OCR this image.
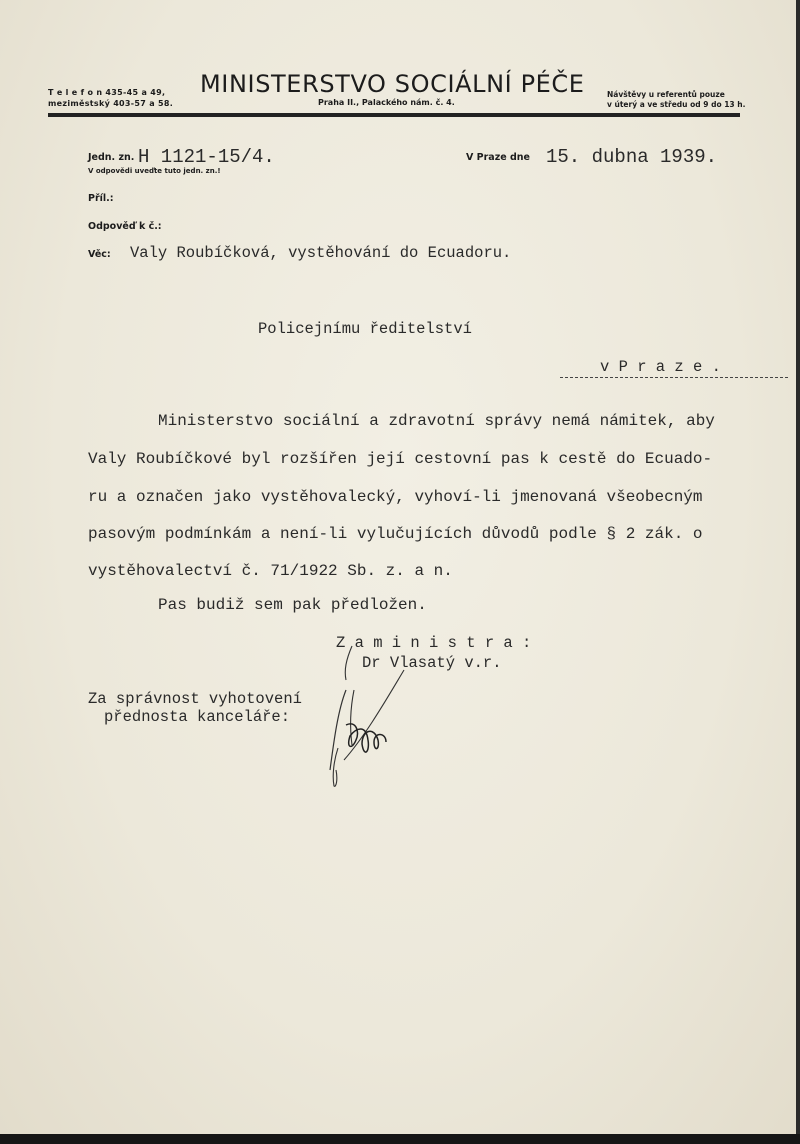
T e l e f o n 435-45 a 49,
meziměstský 403-57 a 58.
MINISTERSTVO SOCIÁLNÍ PÉČE
Praha II., Palackého nám. č. 4.
Návštěvy u referentů pouze
v úterý a ve středu od 9 do 13 h.
Jedn. zn. H 1121-15/4.
V odpovědi uveďte tuto jedn. zn.!
V Praze dne 15. dubna 1939.
Příl.:
Odpověď k č.:
Věc: Valy Roubíčková, vystěhování do Ecuadoru.
Policejnímu ředitelství
v P r a z e .
Ministerstvo sociální a zdravotní správy nemá námitek, aby
Valy Roubíčkové byl rozšířen její cestovní pas k cestě do Ecuado-
ru a označen jako vystěhovalecký, vyhoví-li jmenovaná všeobecným
pasovým podmínkám a není-li vylučujících důvodů podle § 2 zák. o
vystěhovalectví č. 71/1922 Sb. z. a n.
Pas budiž sem pak předložen.
Z a m i n i s t r a :
Dr Vlasatý v.r.
Za správnost vyhotovení
přednosta kanceláře:
